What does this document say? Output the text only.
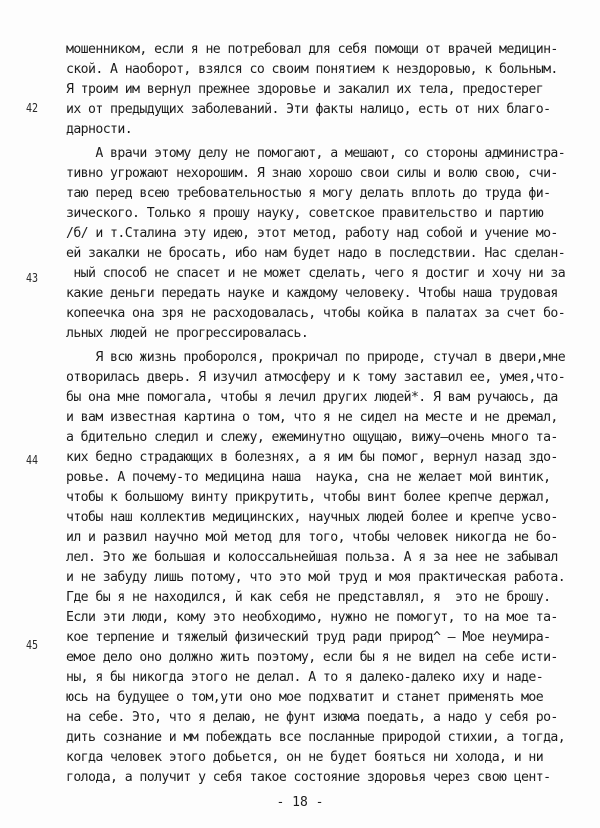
42
43
44
45
мошенником, если я не потребовал для себя помощи от врачей медицин-
ской. А наоборот, взялся со своим понятием к нездоровью, к больным.
Я троим им вернул прежнее здоровье и закалил их тела, предостерег
их от предыдущих заболеваний. Эти факты налицо, есть от них благо-
дарности.
А врачи этому делу не помогают, а мешают, со стороны администра-
тивно угрожают нехорошим. Я знаю хорошо свои силы и волю свою, счи-
таю перед всею требовательностью я могу делать вплоть до труда фи-
зического. Только я прошу науку, советское правительство и партию
/б/ и т.Сталина эту идею, этот метод, работу над собой и учение мо-
ей закалки не бросать, ибо нам будет надо в последствии. Нас сделан-
ный способ не спасет и не может сделать, чего я достиг и хочу ни за
какие деньги передать науке и каждому человеку. Чтобы наша трудовая
копеечка она зря не расходовалась, чтобы койка в палатах за счет бо-
льных людей не прогрессировалась.
Я всю жизнь проборолся, прокричал по природе, стучал в двери,мне
отворилась дверь. Я изучил атмосферу и к тому заставил ее, умея,что-
бы она мне помогала, чтобы я лечил других людей*. Я вам ручаюсь, да
и вам известная картина о том, что я не сидел на месте и не дремал,
а бдительно следил и слежу, ежеминутно ощущаю, вижу—очень много та-
ких бедно страдающих в болезнях, а я им бы помог, вернул назад здо-
ровье. А почему-то медицина наша  наука, сна не желает мой винтик,
чтобы к большому винту прикрутить, чтобы винт более крепче держал,
чтобы наш коллектив медицинских, научных людей более и крепче усво-
ил и развил научно мой метод для того, чтобы человек никогда не бо-
лел. Это же большая и колоссальнейшая польза. А я за нее не забывал
и не забуду лишь потому, что это мой труд и моя практическая работа.
Где бы я не находился, й как себя не представлял, я  это не брошу.
Если эти люди, кому это необходимо, нужно не помогут, то на мое та-
кое терпение и тяжелый физический труд ради природ^ — Мое неумира-
емое дело оно должно жить поэтому, если бы я не видел на себе исти-
ны, я бы никогда этого не делал. А то я далеко-далеко иху и наде-
юсь на будущее о том,ути оно мое подхватит и станет применять мое
на себе. Это, что я делаю, не фунт изюма поедать, а надо у себя ро-
дить сознание и мм побеждать все посланные природой стихии, а тогда,
когда человек этого добьется, он не будет бояться ни холода, и ни
голода, а получит у себя такое состояние здоровья через свою цент-
- 18 -
